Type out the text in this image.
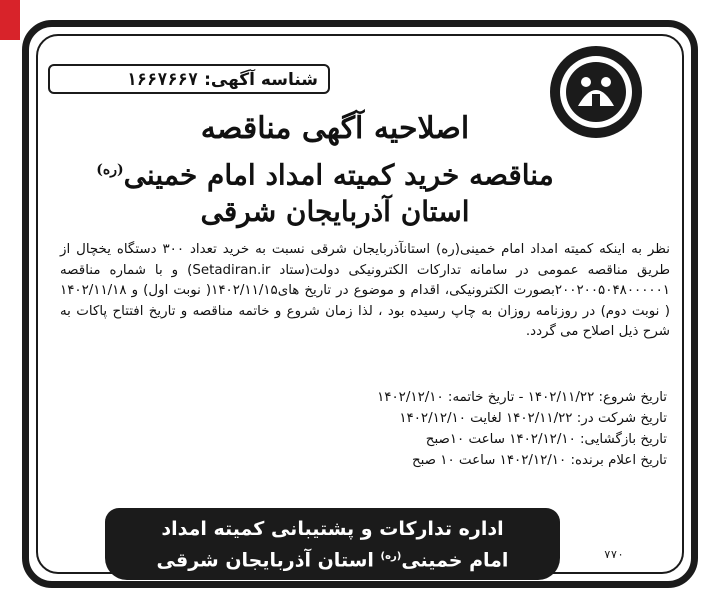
شناسه آگهی: ۱۶۶۷۶۶۷
اصلاحیه آگهی مناقصه
مناقصه خرید کمیته امداد امام خمینی$^{(ره)}$
استان آذربایجان شرقی
نظر به اینکه کمیته امداد امام خمینی(ره) استانآذربایجان شرقی نسبت به خرید تعداد ۳۰۰ دستگاه یخچال از طریق مناقصه عمومی در سامانه تدارکات الکترونیکی دولت(ستاد Setadiran.ir) و با شماره مناقصه ۲۰۰۲۰۰۵۰۴۸۰۰۰۰۰۱بصورت الکترونیکی، اقدام و موضوع در تاریخ های۱۴۰۲/۱۱/۱۵( نوبت اول) و ۱۴۰۲/۱۱/۱۸ ( نوبت دوم) در روزنامه روزان به چاپ رسیده بود ، لذا زمان شروع و خاتمه مناقصه و تاریخ افتتاح پاکات به شرح ذیل اصلاح می گردد.
تاریخ شروع: ۱۴۰۲/۱۱/۲۲ - تاریخ خاتمه: ۱۴۰۲/۱۲/۱۰
تاریخ شرکت در: ۱۴۰۲/۱۱/۲۲ لغایت ۱۴۰۲/۱۲/۱۰
تاریخ بازگشایی: ۱۴۰۲/۱۲/۱۰ ساعت ۱۰صبح
تاریخ اعلام برنده: ۱۴۰۲/۱۲/۱۰ ساعت ۱۰ صبح
اداره تدارکات و پشتیبانی کمیته امداد
امام خمینی$^{(ره)}$ استان آذربایجان شرقی	۷۷۰
